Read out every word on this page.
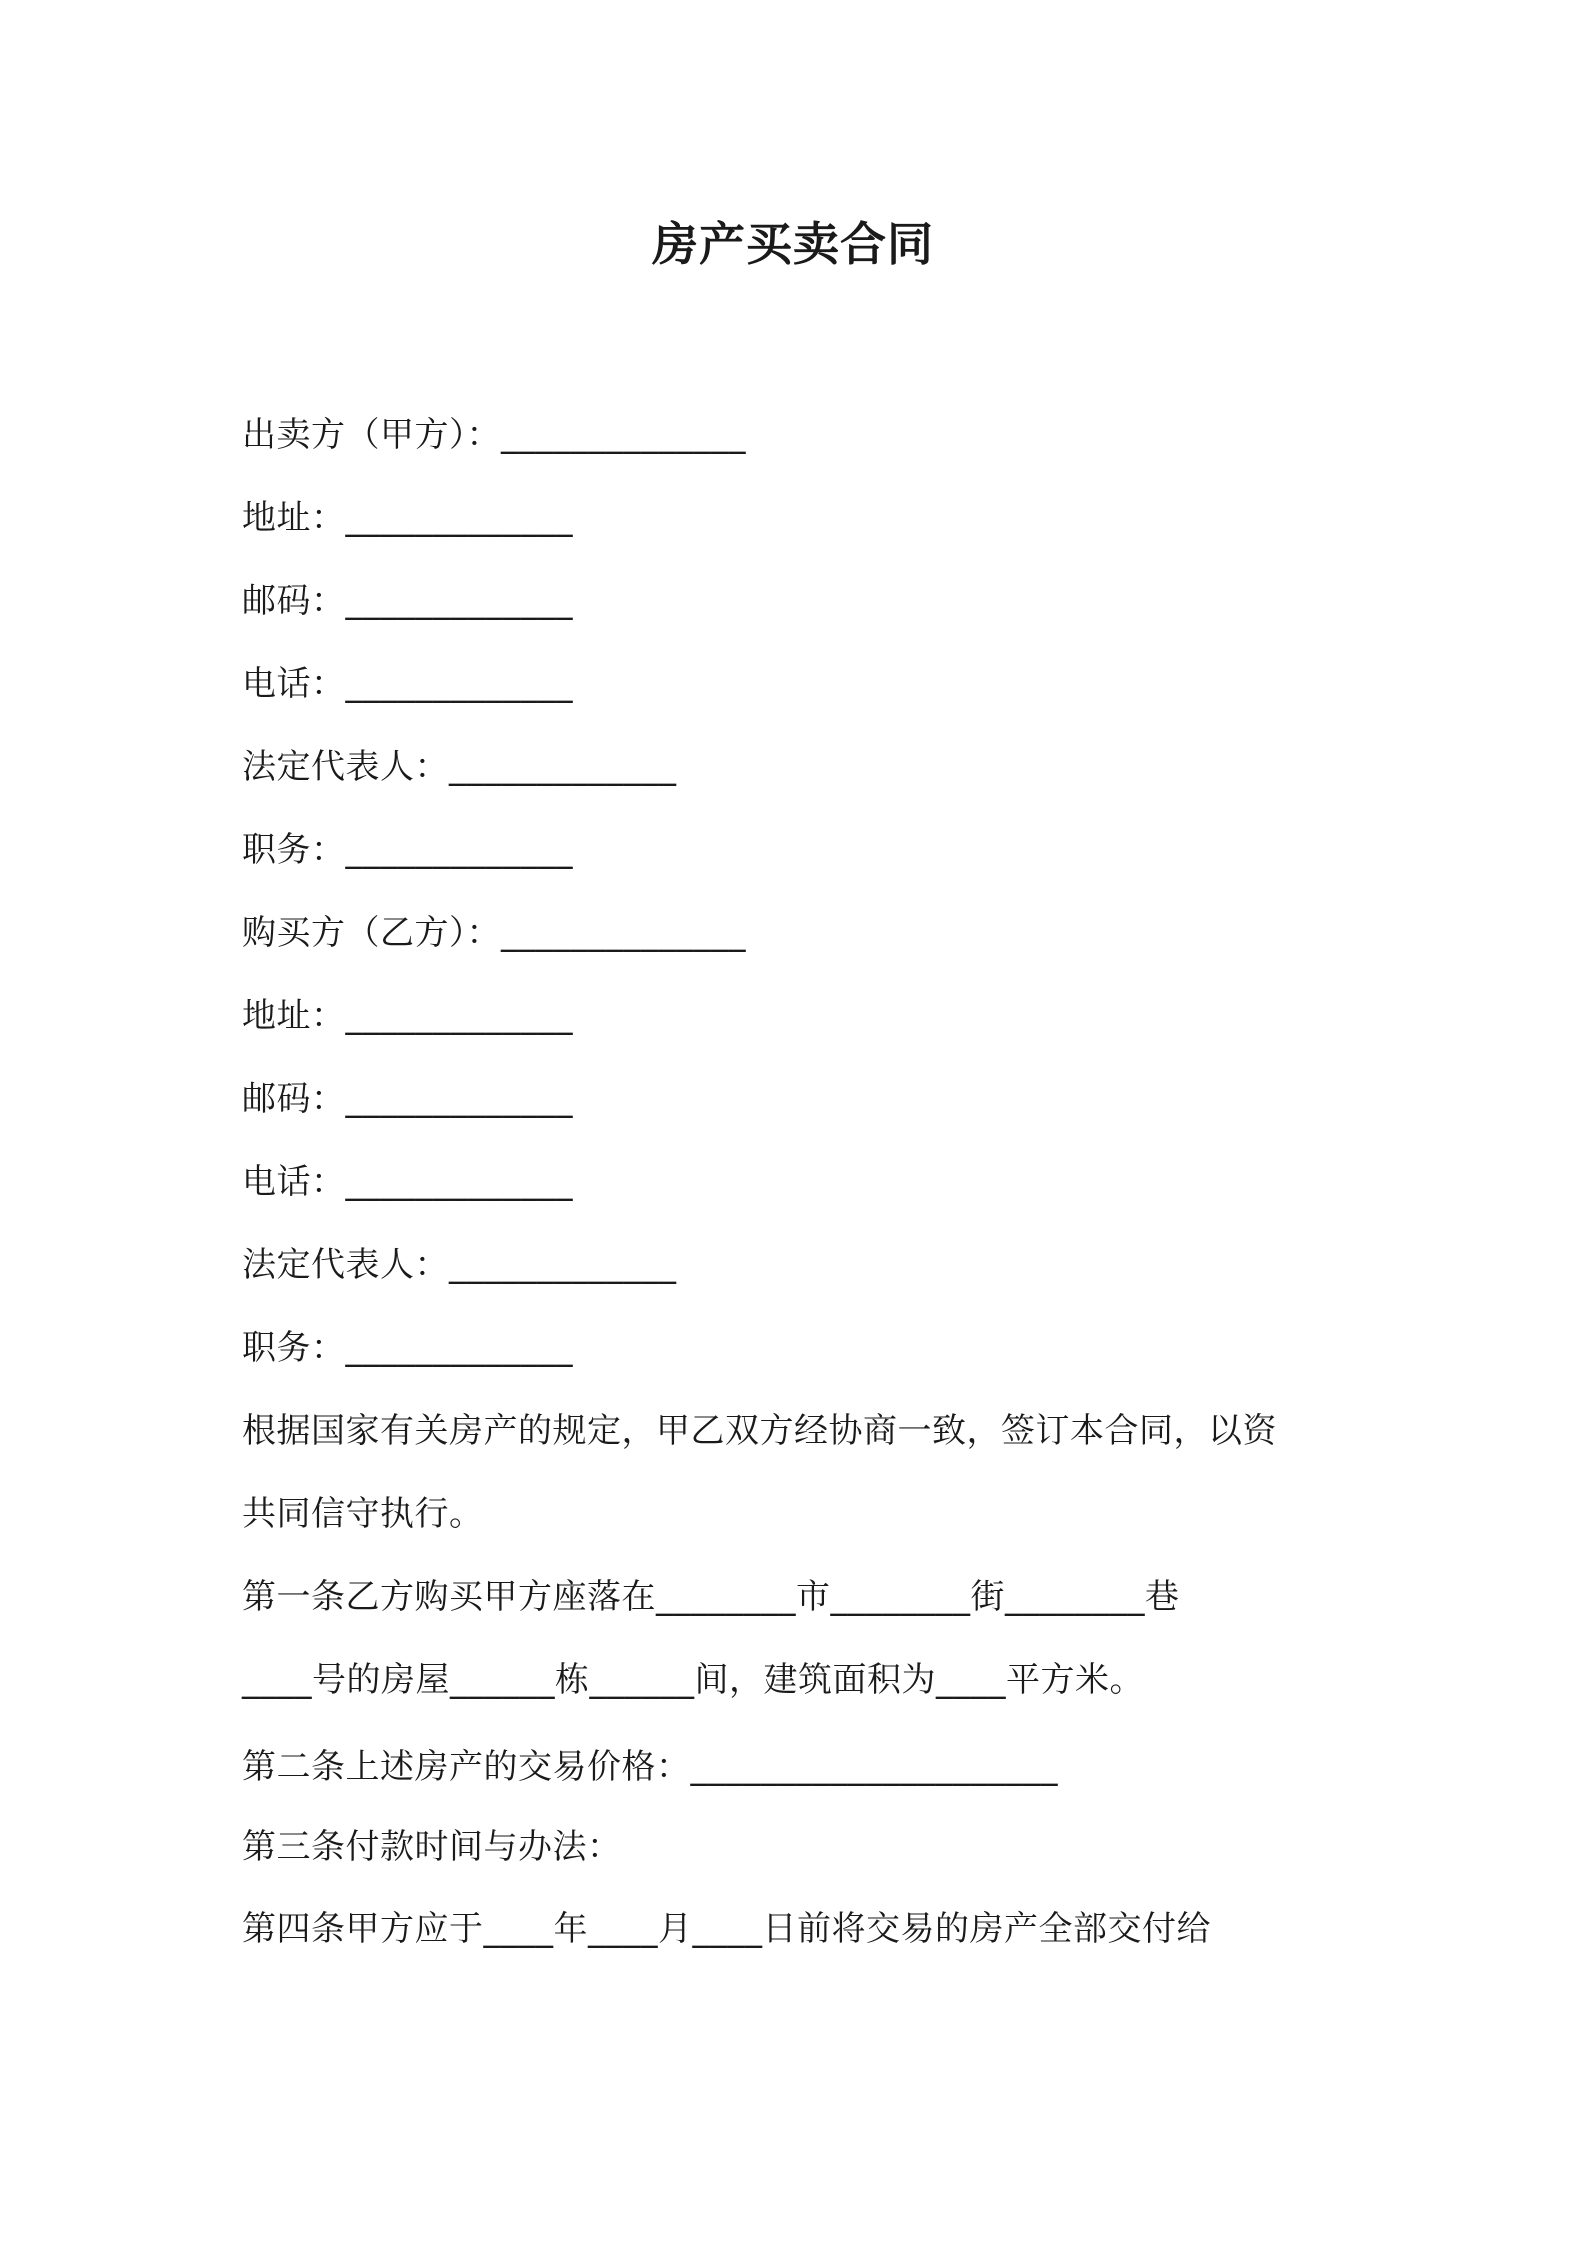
房产买卖合同
出卖方（甲方）：______________
地址：_____________
邮码：_____________
电话：_____________
法定代表人：_____________
职务：_____________
购买方（乙方）：______________
地址：_____________
邮码：_____________
电话：_____________
法定代表人：_____________
职务：_____________
根据国家有关房产的规定，甲乙双方经协商一致，签订本合同，以资
共同信守执行。
第一条乙方购买甲方座落在________市________街________巷
____号的房屋______栋______间，建筑面积为____平方米。
第二条上述房产的交易价格：_____________________
第三条付款时间与办法：
第四条甲方应于____年____月____日前将交易的房产全部交付给
